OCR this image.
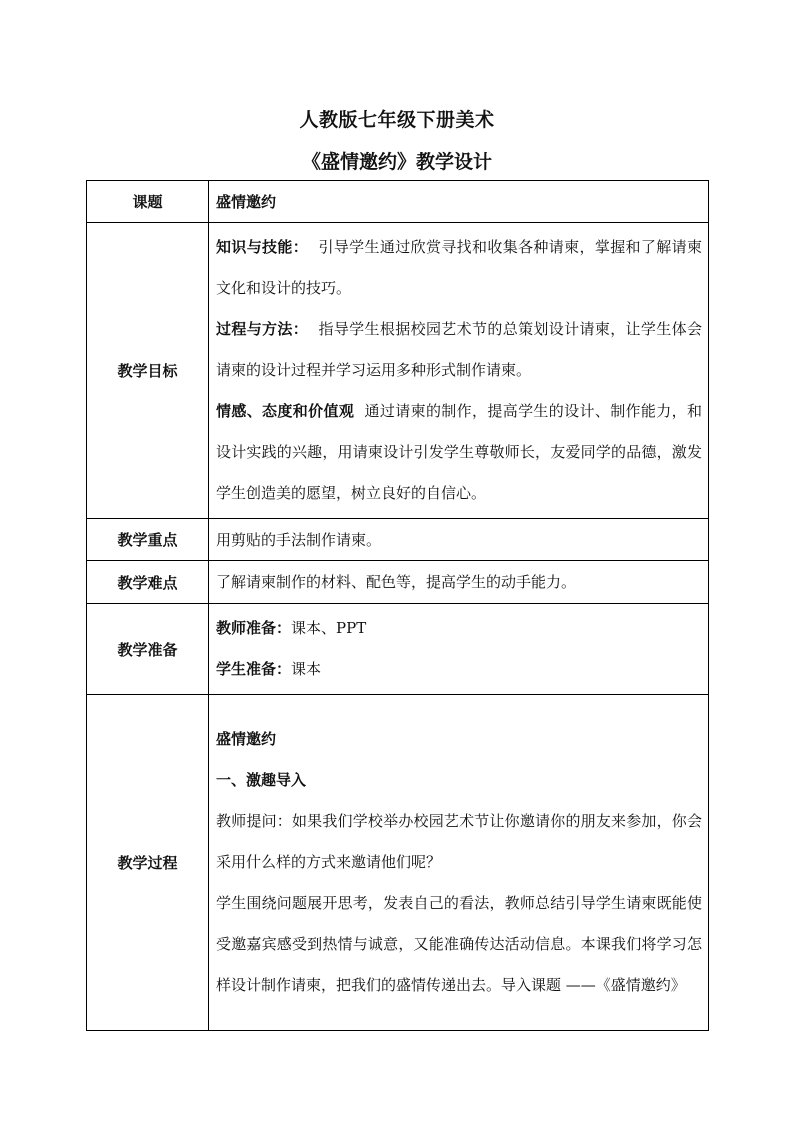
人教版七年级下册美术
《盛情邀约》教学设计
课题	盛情邀约
教学目标	知识与技能： 引导学生通过欣赏寻找和收集各种请柬，掌握和了解请柬文化和设计的技巧。

过程与方法： 指导学生根据校园艺术节的总策划设计请柬，让学生体会请柬的设计过程并学习运用多种形式制作请柬。

情感、态度和价值观 通过请柬的制作，提高学生的设计、制作能力，和设计实践的兴趣，用请柬设计引发学生尊敬师长，友爱同学的品德，激发学生创造美的愿望，树立良好的自信心。

教学重点	用剪贴的手法制作请柬。
教学难点	了解请柬制作的材料、配色等，提高学生的动手能力。
教学准备	教师准备：课本、PPT

学生准备：课本

教学过程	盛情邀约

一、激趣导入

教师提问：如果我们学校举办校园艺术节让你邀请你的朋友来参加，你会采用什么样的方式来邀请他们呢？

学生围绕问题展开思考，发表自己的看法，教师总结引导学生请柬既能使受邀嘉宾感受到热情与诚意，又能准确传达活动信息。本课我们将学习怎样设计制作请柬，把我们的盛情传递出去。导入课题 ——《盛情邀约》
